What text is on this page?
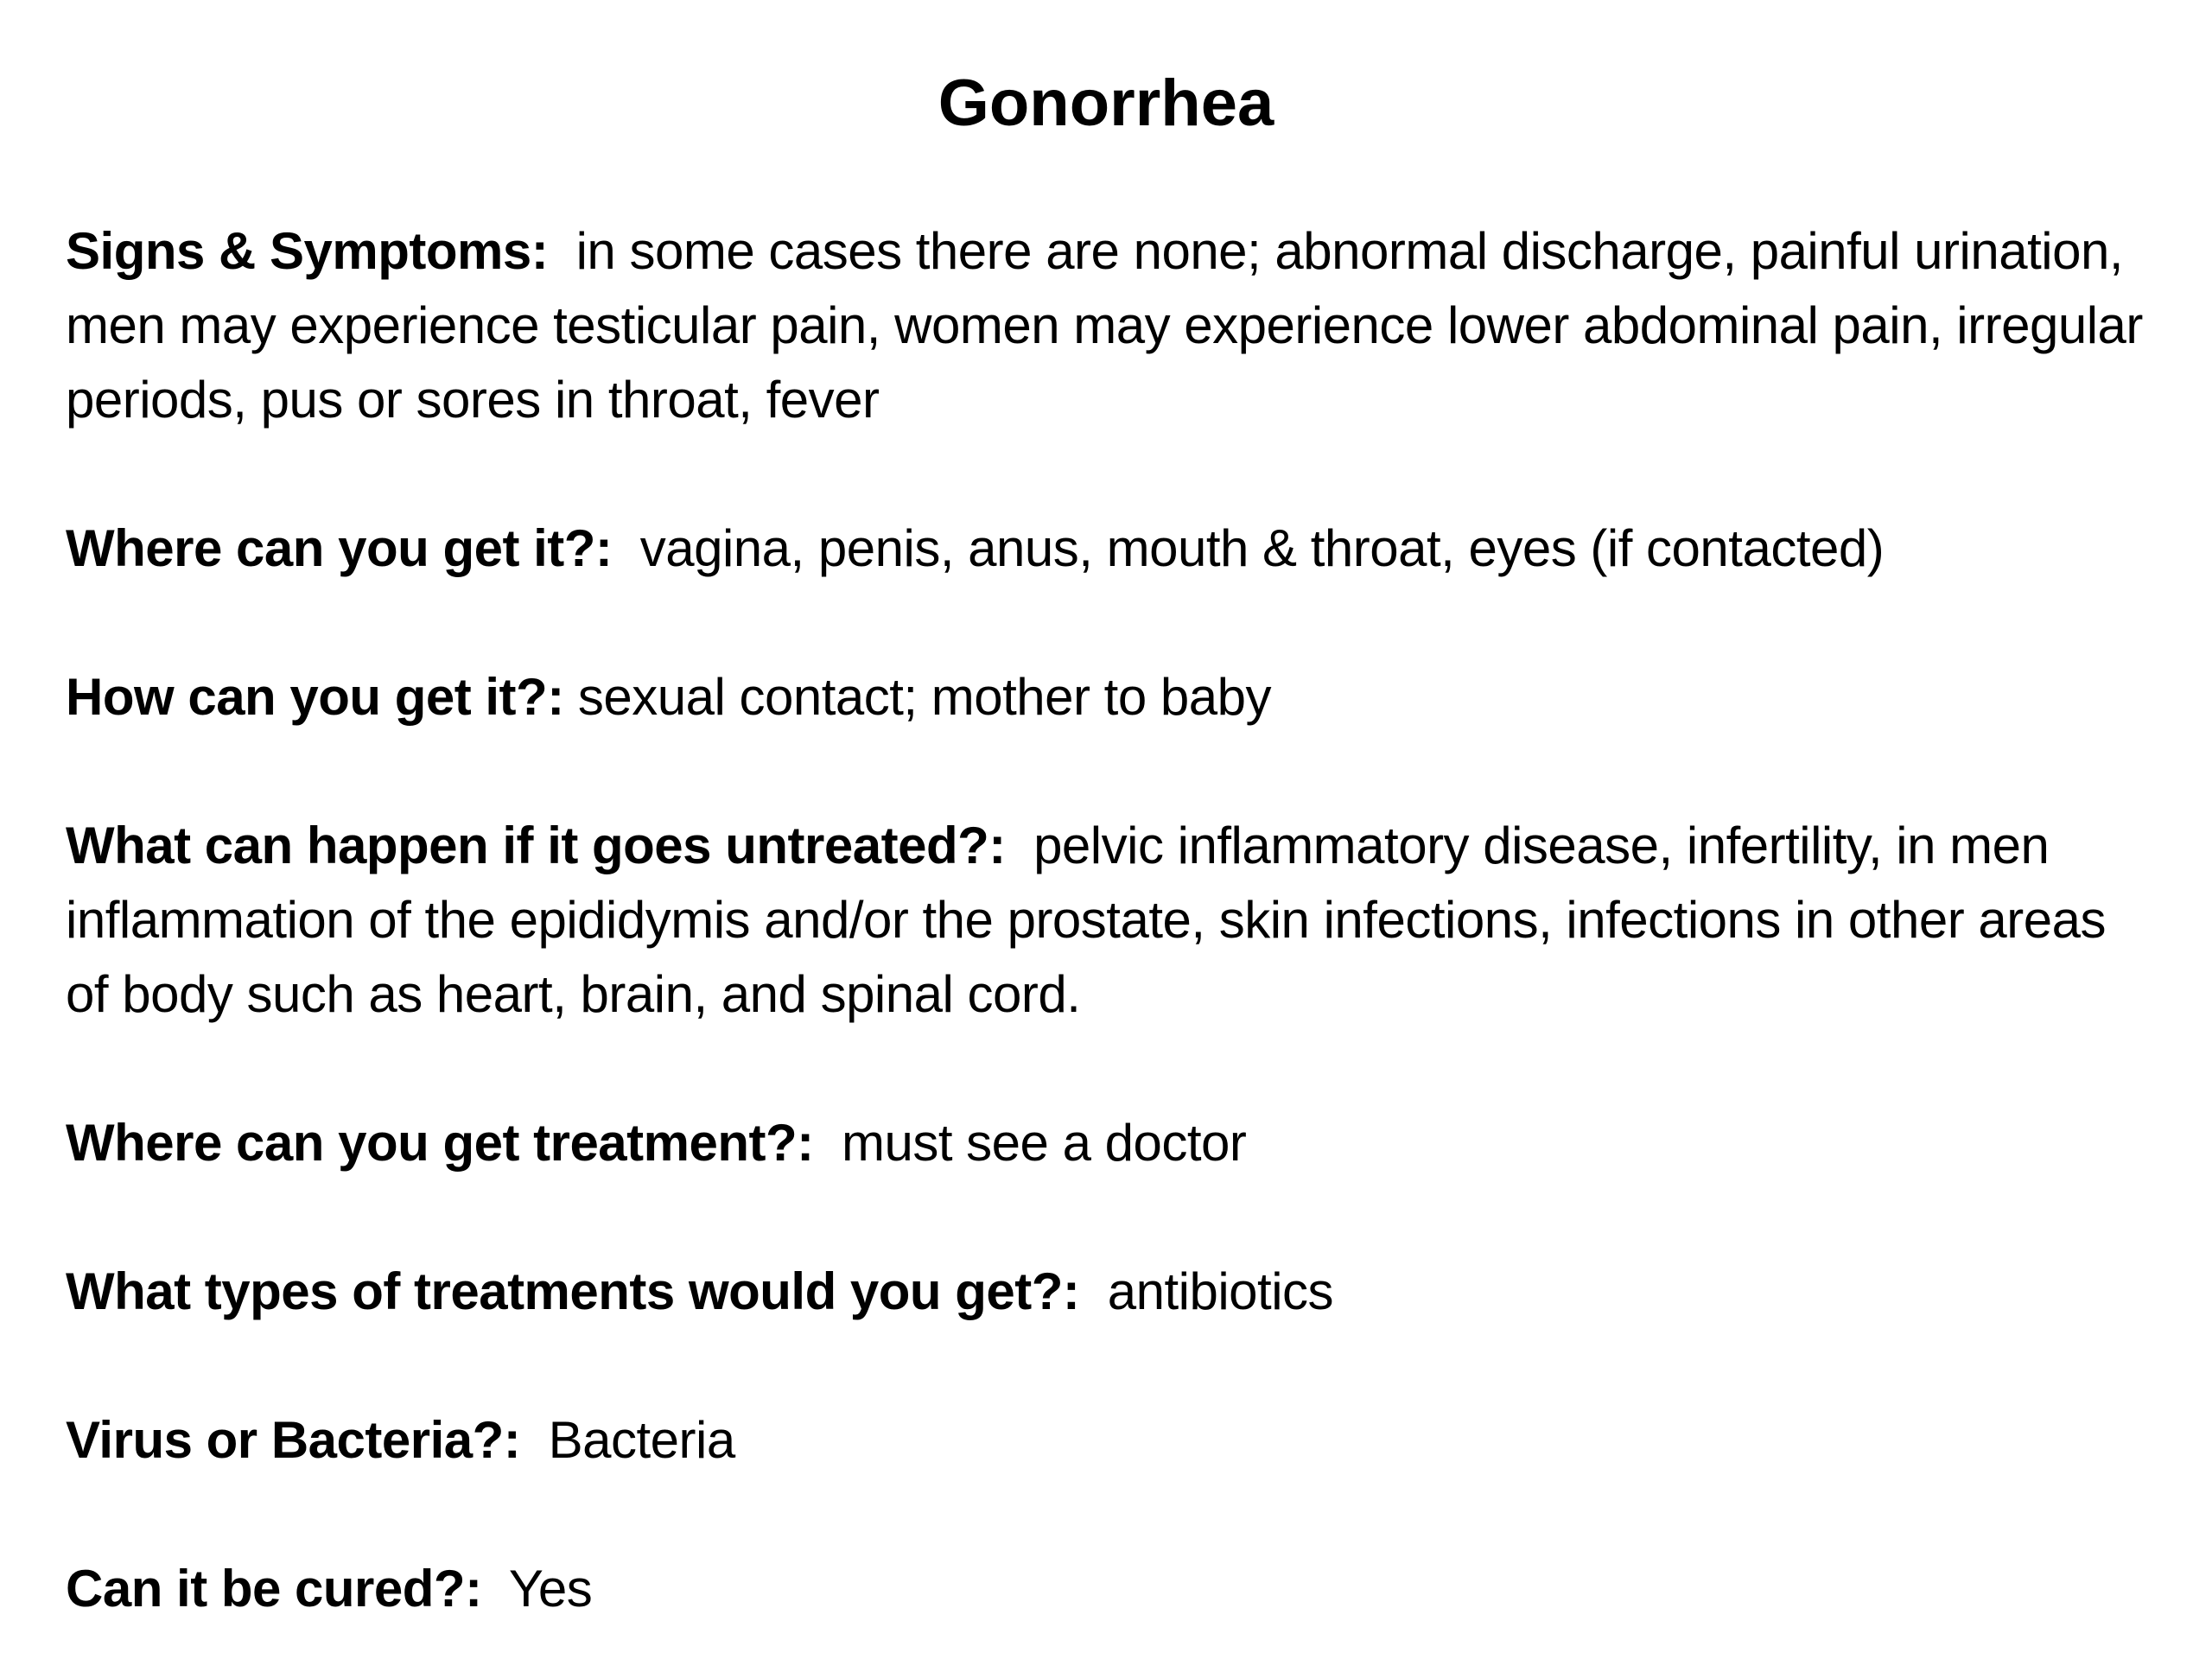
Gonorrhea

Signs & Symptoms: in some cases there are none; abnormal discharge, painful urination, men may experience testicular pain, women may experience lower abdominal pain, irregular periods, pus or sores in throat, fever

Where can you get it?: vagina, penis, anus, mouth & throat, eyes (if contacted)

How can you get it?: sexual contact; mother to baby

What can happen if it goes untreated?: pelvic inflammatory disease, infertility, in men inflammation of the epididymis and/or the prostate, skin infections, infections in other areas of body such as heart, brain, and spinal cord.

Where can you get treatment?: must see a doctor

What types of treatments would you get?: antibiotics

Virus or Bacteria?: Bacteria

Can it be cured?: Yes
